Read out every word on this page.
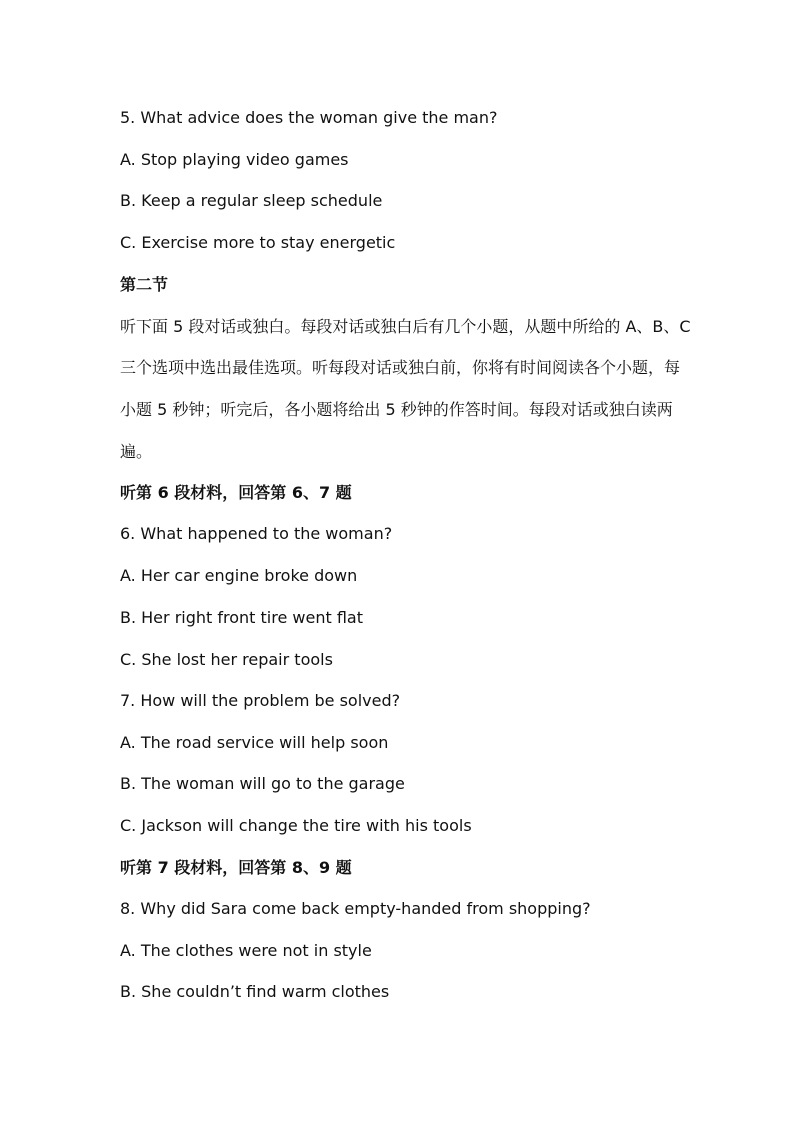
5. What advice does the woman give the man?
A. Stop playing video games
B. Keep a regular sleep schedule
C. Exercise more to stay energetic
第二节
听下面 5 段对话或独白。每段对话或独白后有几个小题，从题中所给的 A、B、C
三个选项中选出最佳选项。听每段对话或独白前，你将有时间阅读各个小题，每
小题 5 秒钟；听完后，各小题将给出 5 秒钟的作答时间。每段对话或独白读两
遍。
听第 6 段材料，回答第 6、7 题
6. What happened to the woman?
A. Her car engine broke down
B. Her right front tire went flat
C. She lost her repair tools
7. How will the problem be solved?
A. The road service will help soon
B. The woman will go to the garage
C. Jackson will change the tire with his tools
听第 7 段材料，回答第 8、9 题
8. Why did Sara come back empty-handed from shopping?
A. The clothes were not in style
B. She couldn’t find warm clothes
